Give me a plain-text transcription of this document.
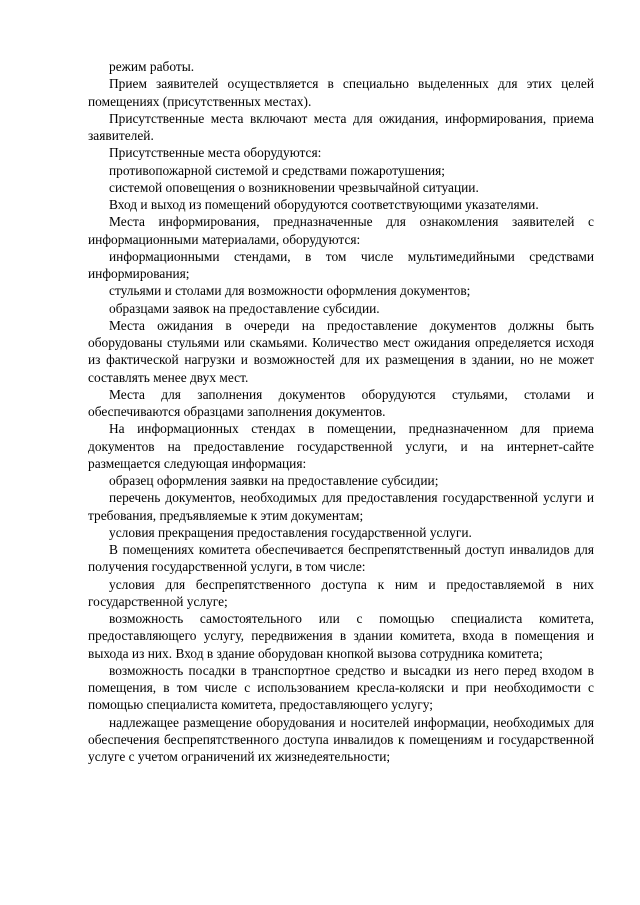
режим работы.

Прием заявителей осуществляется в специально выделенных для этих целей помещениях (присутственных местах).

Присутственные места включают места для ожидания, информирования, приема заявителей.

Присутственные места оборудуются:

противопожарной системой и средствами пожаротушения;

системой оповещения о возникновении чрезвычайной ситуации.

Вход и выход из помещений оборудуются соответствующими указателями.

Места информирования, предназначенные для ознакомления заявителей с информационными материалами, оборудуются:

информационными стендами, в том числе мультимедийными средствами информирования;

стульями и столами для возможности оформления документов;

образцами заявок на предоставление субсидии.

Места ожидания в очереди на предоставление документов должны быть оборудованы стульями или скамьями. Количество мест ожидания определяется исходя из фактической нагрузки и возможностей для их размещения в здании, но не может составлять менее двух мест.

Места для заполнения документов оборудуются стульями, столами и обеспечиваются образцами заполнения документов.

На информационных стендах в помещении, предназначенном для приема документов на предоставление государственной услуги, и на интернет-сайте размещается следующая информация:

образец оформления заявки на предоставление субсидии;

перечень документов, необходимых для предоставления государственной услуги и требования, предъявляемые к этим документам;

условия прекращения предоставления государственной услуги.

В помещениях комитета обеспечивается беспрепятственный доступ инвалидов для получения государственной услуги, в том числе:

условия для беспрепятственного доступа к ним и предоставляемой в них государственной услуге;

возможность самостоятельного или с помощью специалиста комитета, предоставляющего услугу, передвижения в здании комитета, входа в помещения и выхода из них. Вход в здание оборудован кнопкой вызова сотрудника комитета;

возможность посадки в транспортное средство и высадки из него перед входом в помещения, в том числе с использованием кресла-коляски и при необходимости с помощью специалиста комитета, предоставляющего услугу;

надлежащее размещение оборудования и носителей информации, необходимых для обеспечения беспрепятственного доступа инвалидов к помещениям и государственной услуге с учетом ограничений их жизнедеятельности;
